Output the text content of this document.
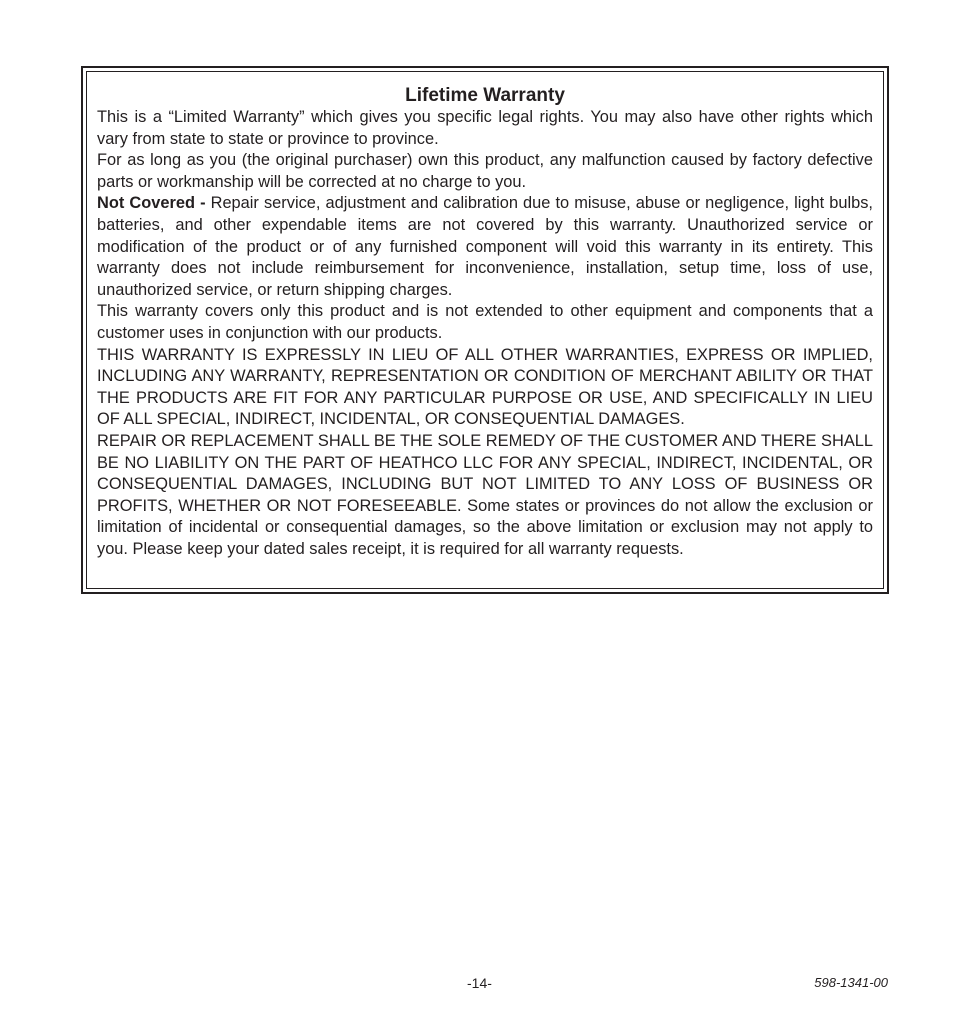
Lifetime Warranty

This is a “Limited Warranty” which gives you specific legal rights. You may also have other rights which vary from state to state or province to province.

For as long as you (the original purchaser) own this product, any malfunction caused by factory defective parts or workmanship will be corrected at no charge to you.

Not Covered - Repair service, adjustment and calibration due to misuse, abuse or negligence, light bulbs, batteries, and other expendable items are not covered by this warranty. Unauthorized service or modification of the product or of any furnished component will void this warranty in its entirety. This warranty does not include reimbursement for inconvenience, installation, setup time, loss of use, unauthorized service, or return shipping charges.

This warranty covers only this product and is not extended to other equipment and components that a customer uses in conjunction with our products.

THIS WARRANTY IS EXPRESSLY IN LIEU OF ALL OTHER WARRANTIES, EXPRESS OR IMPLIED, INCLUDING ANY WARRANTY, REPRESENTATION OR CONDITION OF MERCHANT ABILITY OR THAT THE PRODUCTS ARE FIT FOR ANY PARTICULAR PURPOSE OR USE, AND SPECIFICALLY IN LIEU OF ALL SPECIAL, INDIRECT, INCIDENTAL, OR CONSEQUENTIAL DAMAGES.

REPAIR OR REPLACEMENT SHALL BE THE SOLE REMEDY OF THE CUSTOMER AND THERE SHALL BE NO LIABILITY ON THE PART OF HEATHCO LLC FOR ANY SPECIAL, INDIRECT, INCIDENTAL, OR CONSEQUENTIAL DAMAGES, INCLUDING BUT NOT LIMITED TO ANY LOSS OF BUSINESS OR PROFITS, WHETHER OR NOT FORESEEABLE. Some states or provinces do not allow the exclusion or limitation of incidental or consequential damages, so the above limitation or exclusion may not apply to you. Please keep your dated sales receipt, it is required for all warranty requests.

-14-	598-1341-00
